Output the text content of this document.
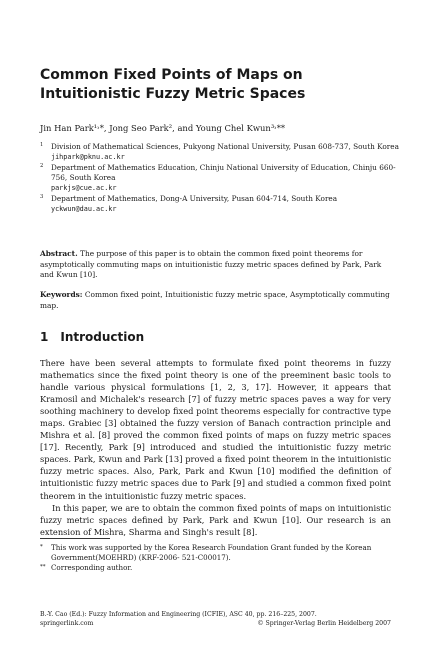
Common Fixed Points of Maps on Intuitionistic Fuzzy Metric Spaces
Jin Han Park¹˒*, Jong Seo Park², and Young Chel Kwun³˒**
1 Division of Mathematical Sciences, Pukyong National University, Pusan 608-737, South Korea
jihpark@pknu.ac.kr
2 Department of Mathematics Education, Chinju National University of Education, Chinju 660-756, South Korea
parkjs@cue.ac.kr
3 Department of Mathematics, Dong-A University, Pusan 604-714, South Korea
yckwun@dau.ac.kr
Abstract. The purpose of this paper is to obtain the common fixed point theorems for asymptotically commuting maps on intuitionistic fuzzy metric spaces defined by Park, Park and Kwun [10].
Keywords: Common fixed point, Intuitionistic fuzzy metric space, Asymptotically commuting map.
1 Introduction

There have been several attempts to formulate fixed point theorems in fuzzy mathematics since the fixed point theory is one of the preeminent basic tools to handle various physical formulations [1, 2, 3, 17]. However, it appears that Kramosil and Michalek's research [7] of fuzzy metric spaces paves a way for very soothing machinery to develop fixed point theorems especially for contractive type maps. Grabiec [3] obtained the fuzzy version of Banach contraction principle and Mishra et al. [8] proved the common fixed points of maps on fuzzy metric spaces [17]. Recently, Park [9] introduced and studied the intuitionistic fuzzy metric spaces. Park, Kwun and Park [13] proved a fixed point theorem in the intuitionistic fuzzy metric spaces. Also, Park, Park and Kwun [10] modified the definition of intuitionistic fuzzy metric spaces due to Park [9] and studied a common fixed point theorem in the intuitionistic fuzzy metric spaces.

In this paper, we are to obtain the common fixed points of maps on intuitionistic fuzzy metric spaces defined by Park, Park and Kwun [10]. Our research is an extension of Mishra, Sharma and Singh's result [8].

* This work was supported by the Korea Research Foundation Grant funded by the Korean Government(MOEHRD) (KRF-2006- 521-C00017).
** Corresponding author.
B.-Y. Cao (Ed.): Fuzzy Information and Engineering (ICFIE), ASC 40, pp. 216–225, 2007.
springerlink.com	© Springer-Verlag Berlin Heidelberg 2007
